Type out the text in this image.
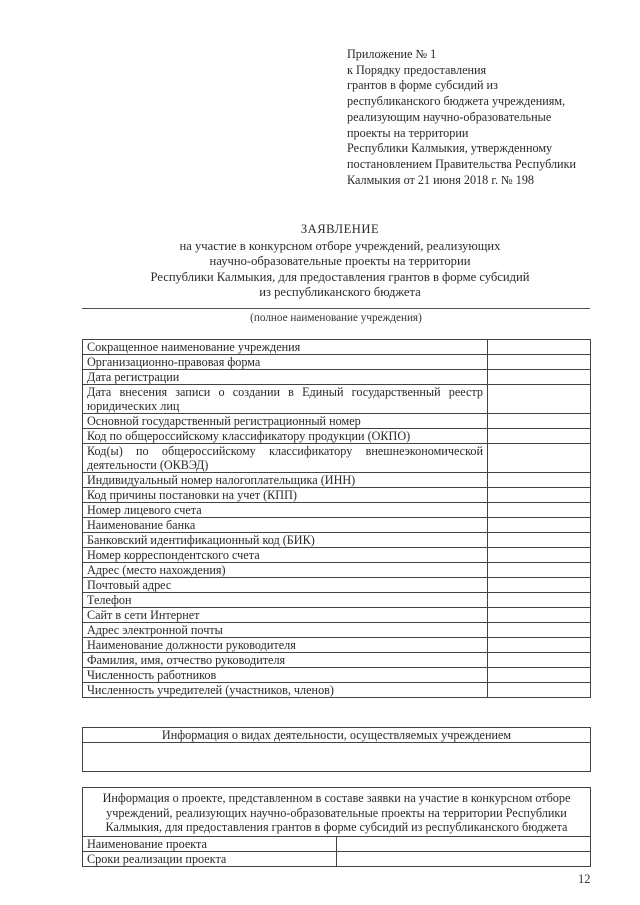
Приложение № 1
к Порядку предоставления
грантов в форме субсидий из
республиканского бюджета учреждениям,
реализующим научно-образовательные
проекты на территории
Республики Калмыкия, утвержденному
постановлением Правительства Республики
Калмыкия от 21 июня 2018 г. № 198
ЗАЯВЛЕНИЕ
на участие в конкурсном отборе учреждений, реализующих
научно-образовательные проекты на территории
Республики Калмыкия, для предоставления грантов в форме субсидий
из республиканского бюджета
(полное наименование учреждения)
Сокращенное наименование учреждения	
Организационно-правовая форма	
Дата регистрации	
Дата внесения записи о создании в Единый государственный реестр юридических лиц	
Основной государственный регистрационный номер	
Код по общероссийскому классификатору продукции (ОКПО)	
Код(ы) по общероссийскому классификатору внешнеэкономической деятельности (ОКВЭД)	
Индивидуальный номер налогоплательщика (ИНН)	
Код причины постановки на учет (КПП)	
Номер лицевого счета	
Наименование банка	
Банковский идентификационный код (БИК)	
Номер корреспондентского счета	
Адрес (место нахождения)	
Почтовый адрес	
Телефон	
Сайт в сети Интернет	
Адрес электронной почты	
Наименование должности руководителя	
Фамилия, имя, отчество руководителя	
Численность работников	
Численность учредителей (участников, членов)	
Информация о видах деятельности, осуществляемых учреждением

Информация о проекте, представленном в составе заявки на участие в конкурсном отборе учреждений, реализующих научно-образовательные проекты на территории Республики Калмыкия, для предоставления грантов в форме субсидий из республиканского бюджета	
Наименование проекта	
Сроки реализации проекта	
12
